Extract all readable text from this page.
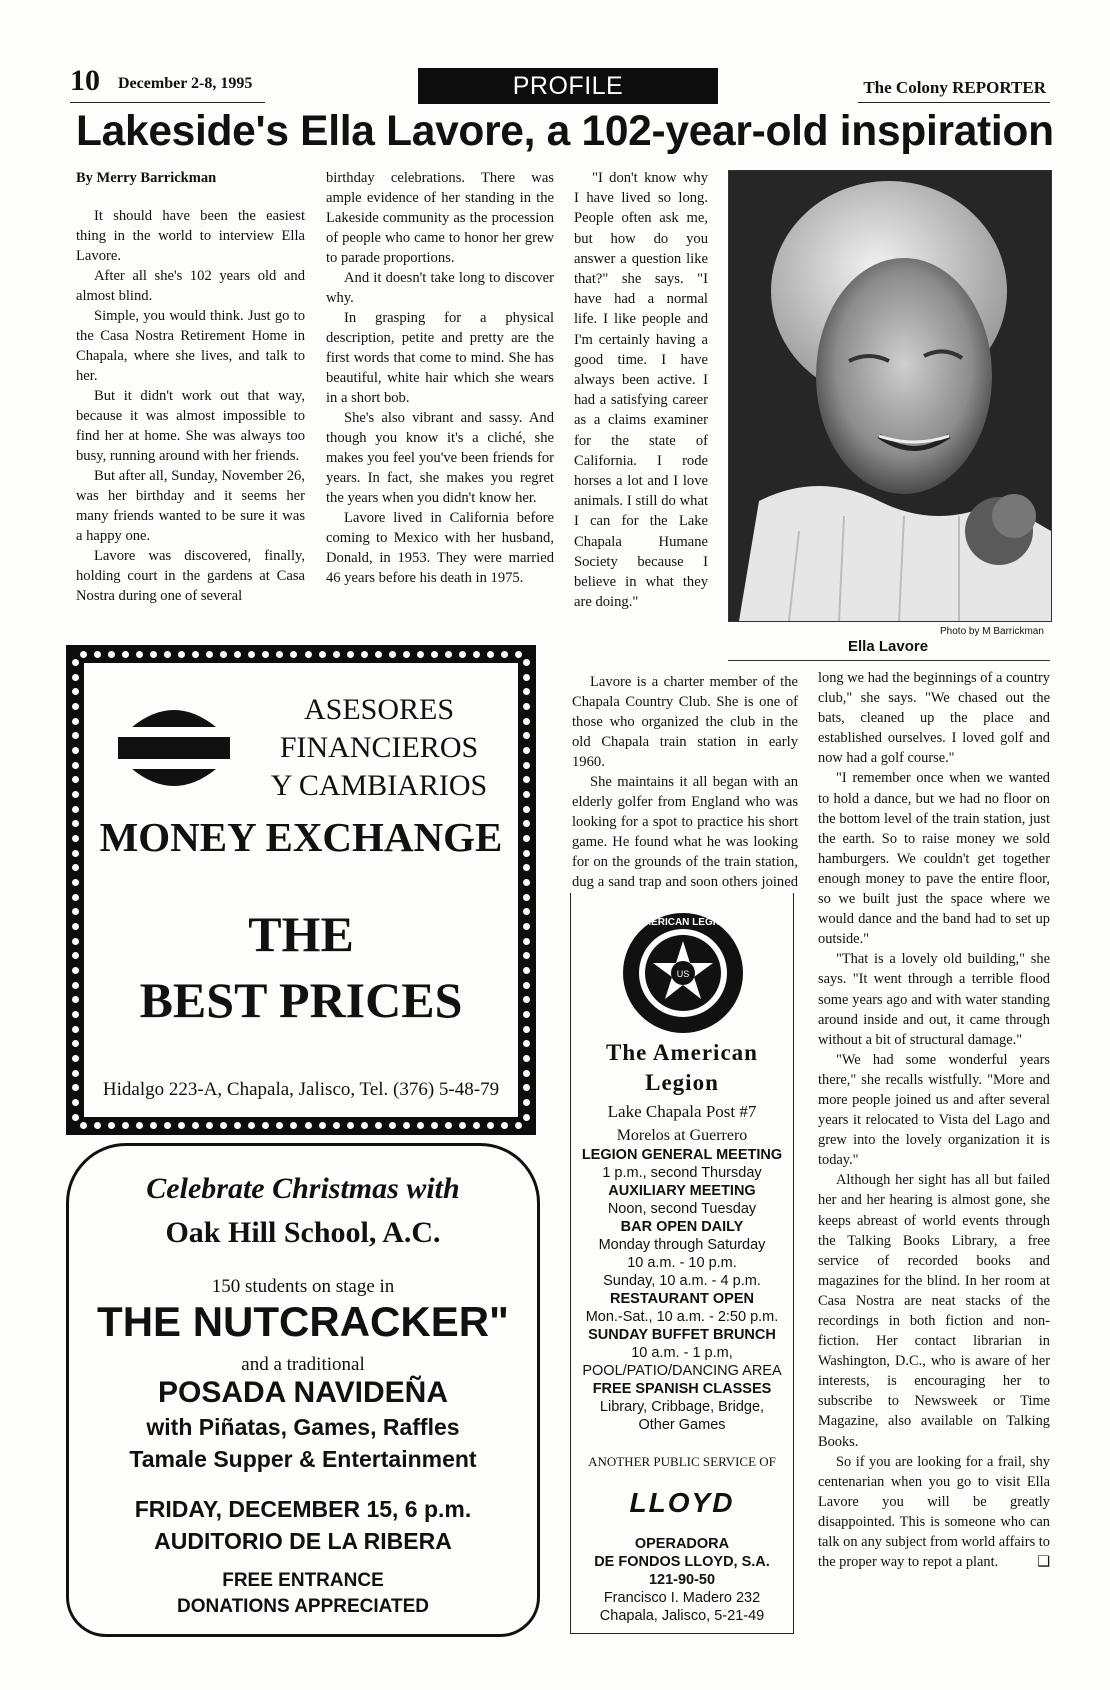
10 December 2-8, 1995	PROFILE	The Colony REPORTER
Lakeside's Ella Lavore, a 102-year-old inspiration

By Merry Barrickman

It should have been the easiest thing in the world to interview Ella Lavore.

After all she's 102 years old and almost blind.

Simple, you would think. Just go to the Casa Nostra Retirement Home in Chapala, where she lives, and talk to her.

But it didn't work out that way, because it was almost impossible to find her at home. She was always too busy, running around with her friends.

But after all, Sunday, November 26, was her birthday and it seems her many friends wanted to be sure it was a happy one.

Lavore was discovered, finally, holding court in the gardens at Casa Nostra during one of several

birthday celebrations. There was ample evidence of her standing in the Lakeside community as the procession of people who came to honor her grew to parade proportions.

And it doesn't take long to discover why.

In grasping for a physical description, petite and pretty are the first words that come to mind. She has beautiful, white hair which she wears in a short bob.

She's also vibrant and sassy. And though you know it's a cliché, she makes you feel you've been friends for years. In fact, she makes you regret the years when you didn't know her.

Lavore lived in California before coming to Mexico with her husband, Donald, in 1953. They were married 46 years before his death in 1975.

"I don't know why I have lived so long. People often ask me, but how do you answer a question like that?" she says. "I have had a normal life. I like people and I'm certainly having a good time. I have always been active. I had a satisfying career as a claims examiner for the state of California. I rode horses a lot and I love animals. I still do what I can for the Lake Chapala Humane Society because I believe in what they are doing."

Lavore is a charter member of the Chapala Country Club. She is one of those who organized the club in the old Chapala train station in early 1960.

She maintains it all began with an elderly golfer from England who was looking for a spot to practice his short game. He found what he was looking for on the grounds of the train station, dug a sand trap and soon others joined

Photo by M Barrickman
Ella Lavore

long we had the beginnings of a country club," she says. "We chased out the bats, cleaned up the place and established ourselves. I loved golf and now had a golf course."

"I remember once when we wanted to hold a dance, but we had no floor on the bottom level of the train station, just the earth. So to raise money we sold hamburgers. We couldn't get together enough money to pave the entire floor, so we built just the space where we would dance and the band had to set up outside."

"That is a lovely old building," she says. "It went through a terrible flood some years ago and with water standing around inside and out, it came through without a bit of structural damage."

"We had some wonderful years there," she recalls wistfully. "More and more people joined us and after several years it relocated to Vista del Lago and grew into the lovely organization it is today."

Although her sight has all but failed her and her hearing is almost gone, she keeps abreast of world events through the Talking Books Library, a free service of recorded books and magazines for the blind. In her room at Casa Nostra are neat stacks of the recordings in both fiction and non-fiction. Her contact librarian in Washington, D.C., who is aware of her interests, is encouraging her to subscribe to Newsweek or Time Magazine, also available on Talking Books.

So if you are looking for a frail, shy centenarian when you go to visit Ella Lavore you will be greatly disappointed. This is someone who can talk on any subject from world affairs to the proper way to repot a plant.	❑

ASESORES
FINANCIEROS
Y CAMBIARIOS
MONEY EXCHANGE
THE
BEST PRICES
Hidalgo 223-A, Chapala, Jalisco, Tel. (376) 5-48-79
Celebrate Christmas with
Oak Hill School, A.C.
150 students on stage in
THE NUTCRACKER"
and a traditional
POSADA NAVIDEÑA
with Piñatas, Games, Raffles
Tamale Supper & Entertainment
FRIDAY, DECEMBER 15, 6 p.m.
AUDITORIO DE LA RIBERA
FREE ENTRANCE
DONATIONS APPRECIATED
US
AMERICAN LEGION
The American
Legion
Lake Chapala Post #7
Morelos at Guerrero
LEGION GENERAL MEETING
1 p.m., second Thursday
AUXILIARY MEETING
Noon, second Tuesday
BAR OPEN DAILY
Monday through Saturday
10 a.m. - 10 p.m.
Sunday, 10 a.m. - 4 p.m.
RESTAURANT OPEN
Mon.-Sat., 10 a.m. - 2:50 p.m.
SUNDAY BUFFET BRUNCH
10 a.m. - 1 p.m,
POOL/PATIO/DANCING AREA
FREE SPANISH CLASSES
Library, Cribbage, Bridge,
Other Games
ANOTHER PUBLIC SERVICE OF
LLOYD
OPERADORA
DE FONDOS LLOYD, S.A.
121-90-50
Francisco I. Madero 232
Chapala, Jalisco, 5-21-49
